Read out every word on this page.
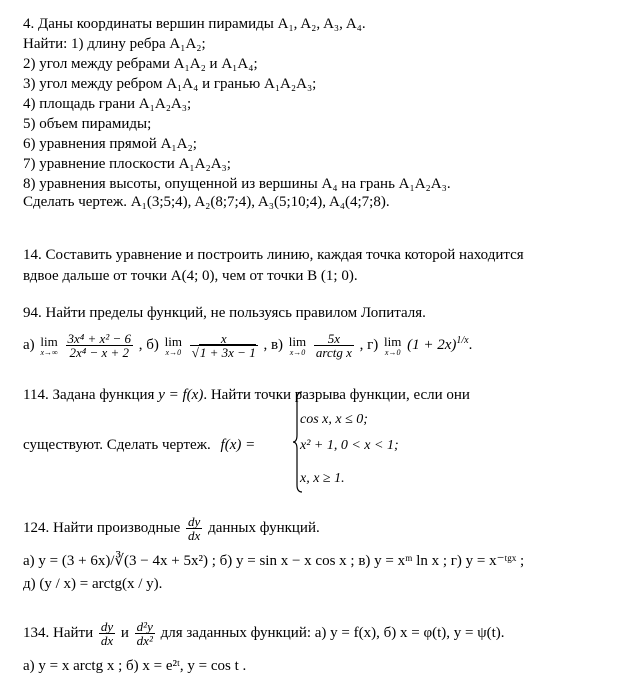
4. Даны координаты вершин пирамиды A₁, A₂, A₃, A₄.
Найти: 1) длину ребра A₁A₂;
2) угол между ребрами A₁A₂ и A₁A₄;
3) угол между ребром A₁A₄ и гранью A₁A₂A₃;
4) площадь грани A₁A₂A₃;
5) объем пирамиды;
6) уравнения прямой A₁A₂;
7) уравнение плоскости A₁A₂A₃;
8) уравнения высоты, опущенной из вершины A₄ на грань A₁A₂A₃.
Сделать чертеж. A₁(3;5;4), A₂(8;7;4), A₃(5;10;4), A₄(4;7;8).
14. Составить уравнение и построить линию, каждая точка которой находится
вдвое дальше от точки A(4; 0), чем от точки B (1; 0).
94. Найти пределы функций, не пользуясь правилом Лопиталя.
а) lim
x→∞
$\frac{\text{3x⁴ + x² − 6}}{\text{2x⁴ − x + 2}}$ , б) lim
x→0
$\frac{x}{√1 + 3x - 1}$ , в) lim
x→0
$\frac{5x}{\text{arctg x}}$ , г) lim
x→0 $(1 + 2x)^{1/x}$.
114. Задана функция y = f(x). Найти точки разрыва функции, если они
существуют. Сделать чертеж. f(x) =
cos x, x ≤ 0;
x² + 1, 0 < x < 1;
x, x ≥ 1.
124. Найти производные $\frac{dy}{dx}$ данных функций.
а) y = (3 + 6x)/∛(3 − 4x + 5x²) ; б) y = sin x − x cos x ; в) y = xᵐ ln x ; г) y = x⁻ᵗᵍˣ ;
д) (y / x) = arctg(x / y).
134. Найти $\frac{dy}{dx}$ и $\frac{\text{d²y}}{\text{dx²}}$ для заданных функций: а) y = f(x), б) x = φ(t), y = ψ(t).
а) y = x arctg x ; б) x = e²ᵗ, y = cos t .
